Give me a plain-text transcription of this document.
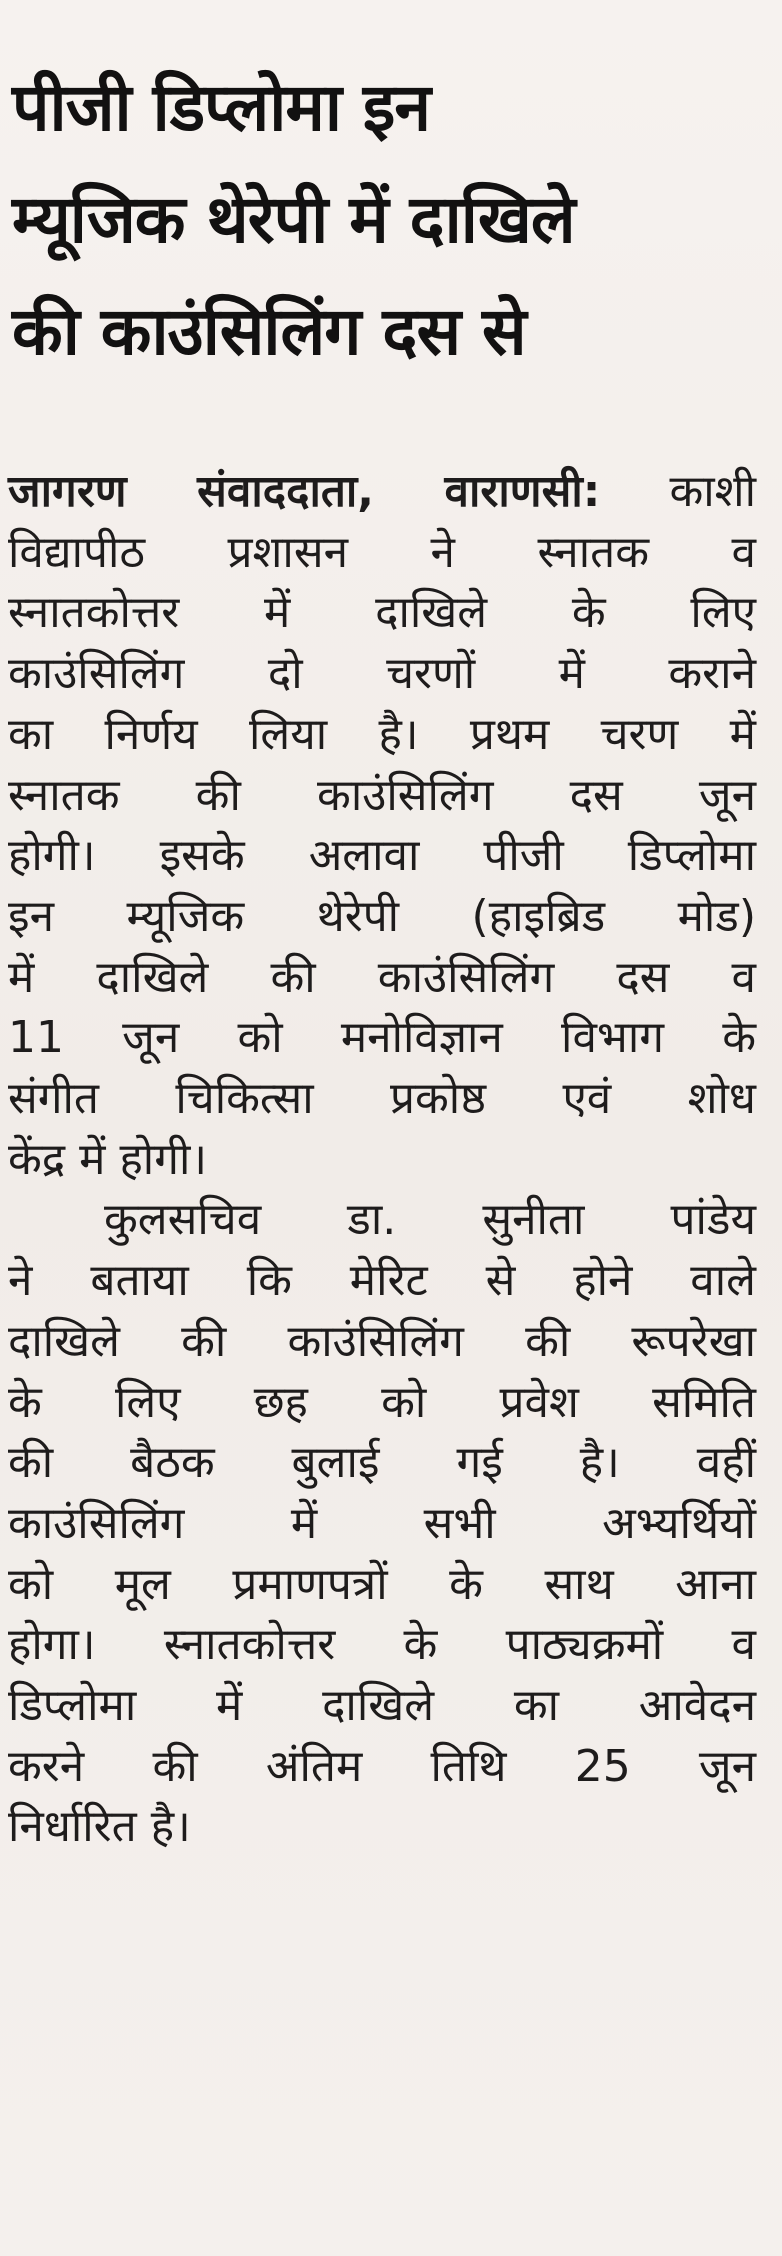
पीजी डिप्लोमा इन
म्यूजिक थेरेपी में दाखिले
की काउंसिलिंग दस से

जागरण संवाददाता, वाराणसी: काशी
विद्यापीठ प्रशासन ने स्नातक व
स्नातकोत्तर में दाखिले के लिए
काउंसिलिंग दो चरणों में कराने
का निर्णय लिया है। प्रथम चरण में
स्नातक की काउंसिलिंग दस जून
होगी। इसके अलावा पीजी डिप्लोमा
इन म्यूजिक थेरेपी (हाइब्रिड मोड)
में दाखिले की काउंसिलिंग दस व
11 जून को मनोविज्ञान विभाग के
संगीत चिकित्सा प्रकोष्ठ एवं शोध
केंद्र में होगी।

कुलसचिव डा. सुनीता पांडेय
ने बताया कि मेरिट से होने वाले
दाखिले की काउंसिलिंग की रूपरेखा
के लिए छह को प्रवेश समिति
की बैठक बुलाई गई है। वहीं
काउंसिलिंग में सभी अभ्यर्थियों
को मूल प्रमाणपत्रों के साथ आना
होगा। स्नातकोत्तर के पाठ्यक्रमों व
डिप्लोमा में दाखिले का आवेदन
करने की अंतिम तिथि 25 जून
निर्धारित है।
